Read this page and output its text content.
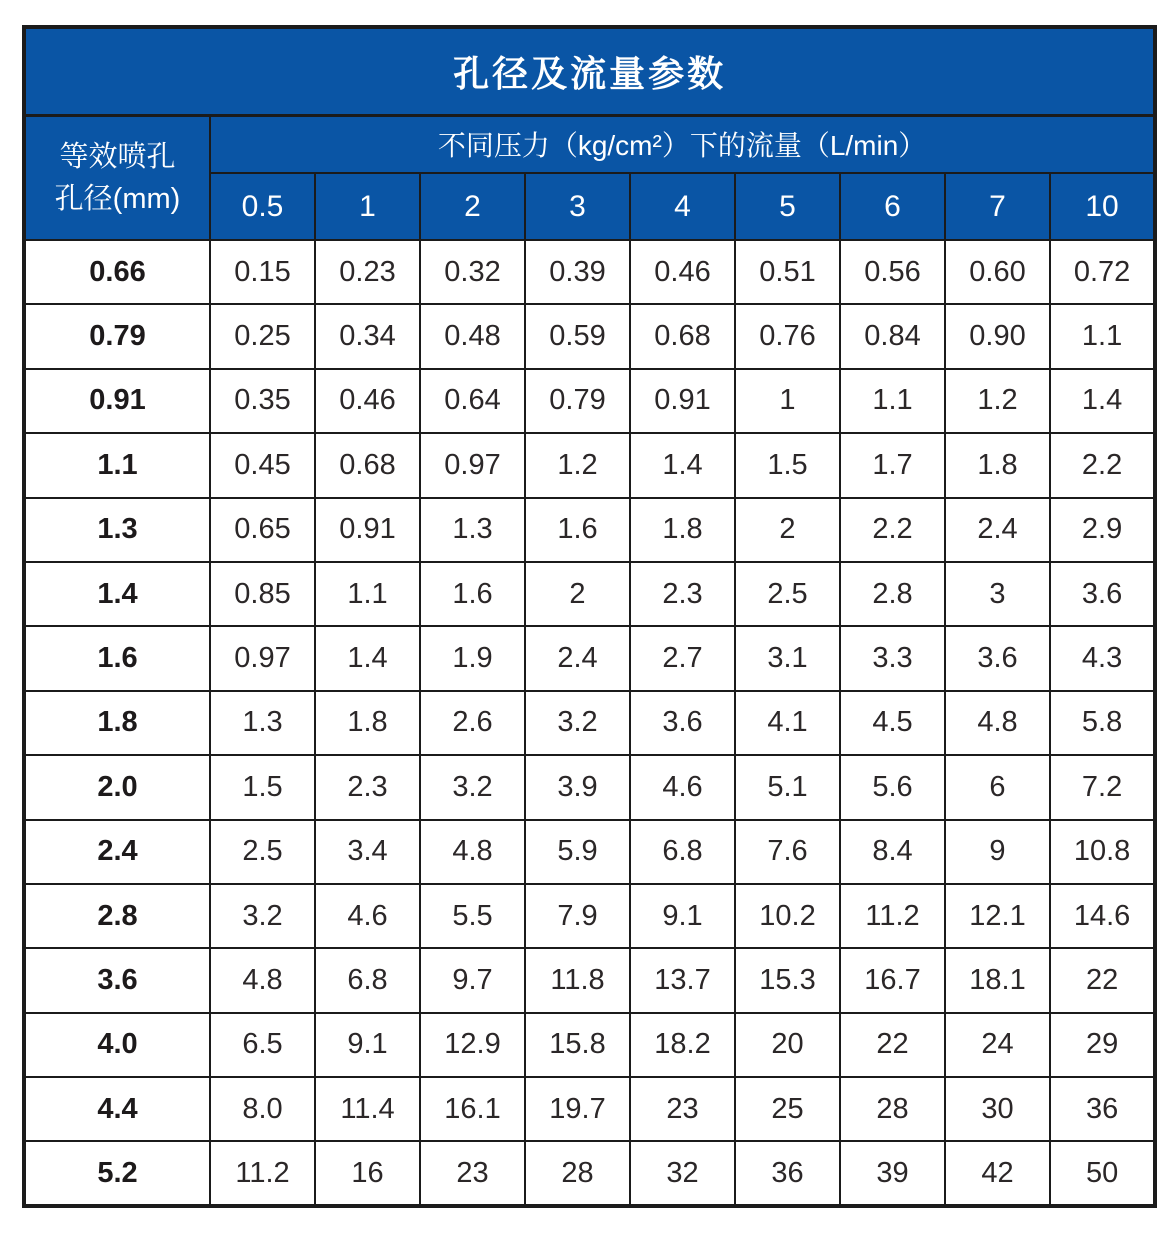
孔径及流量参数									

等效喷孔
孔径(mm)	不同压力（kg/cm²）下的流量（L/min）								
	0.5	1	2	3	4	5	6	7	10
0.66	0.15	0.23	0.32	0.39	0.46	0.51	0.56	0.60	0.72
0.79	0.25	0.34	0.48	0.59	0.68	0.76	0.84	0.90	1.1
0.91	0.35	0.46	0.64	0.79	0.91	1	1.1	1.2	1.4
1.1	0.45	0.68	0.97	1.2	1.4	1.5	1.7	1.8	2.2
1.3	0.65	0.91	1.3	1.6	1.8	2	2.2	2.4	2.9
1.4	0.85	1.1	1.6	2	2.3	2.5	2.8	3	3.6
1.6	0.97	1.4	1.9	2.4	2.7	3.1	3.3	3.6	4.3
1.8	1.3	1.8	2.6	3.2	3.6	4.1	4.5	4.8	5.8
2.0	1.5	2.3	3.2	3.9	4.6	5.1	5.6	6	7.2
2.4	2.5	3.4	4.8	5.9	6.8	7.6	8.4	9	10.8
2.8	3.2	4.6	5.5	7.9	9.1	10.2	11.2	12.1	14.6
3.6	4.8	6.8	9.7	11.8	13.7	15.3	16.7	18.1	22
4.0	6.5	9.1	12.9	15.8	18.2	20	22	24	29
4.4	8.0	11.4	16.1	19.7	23	25	28	30	36
5.2	11.2	16	23	28	32	36	39	42	50
